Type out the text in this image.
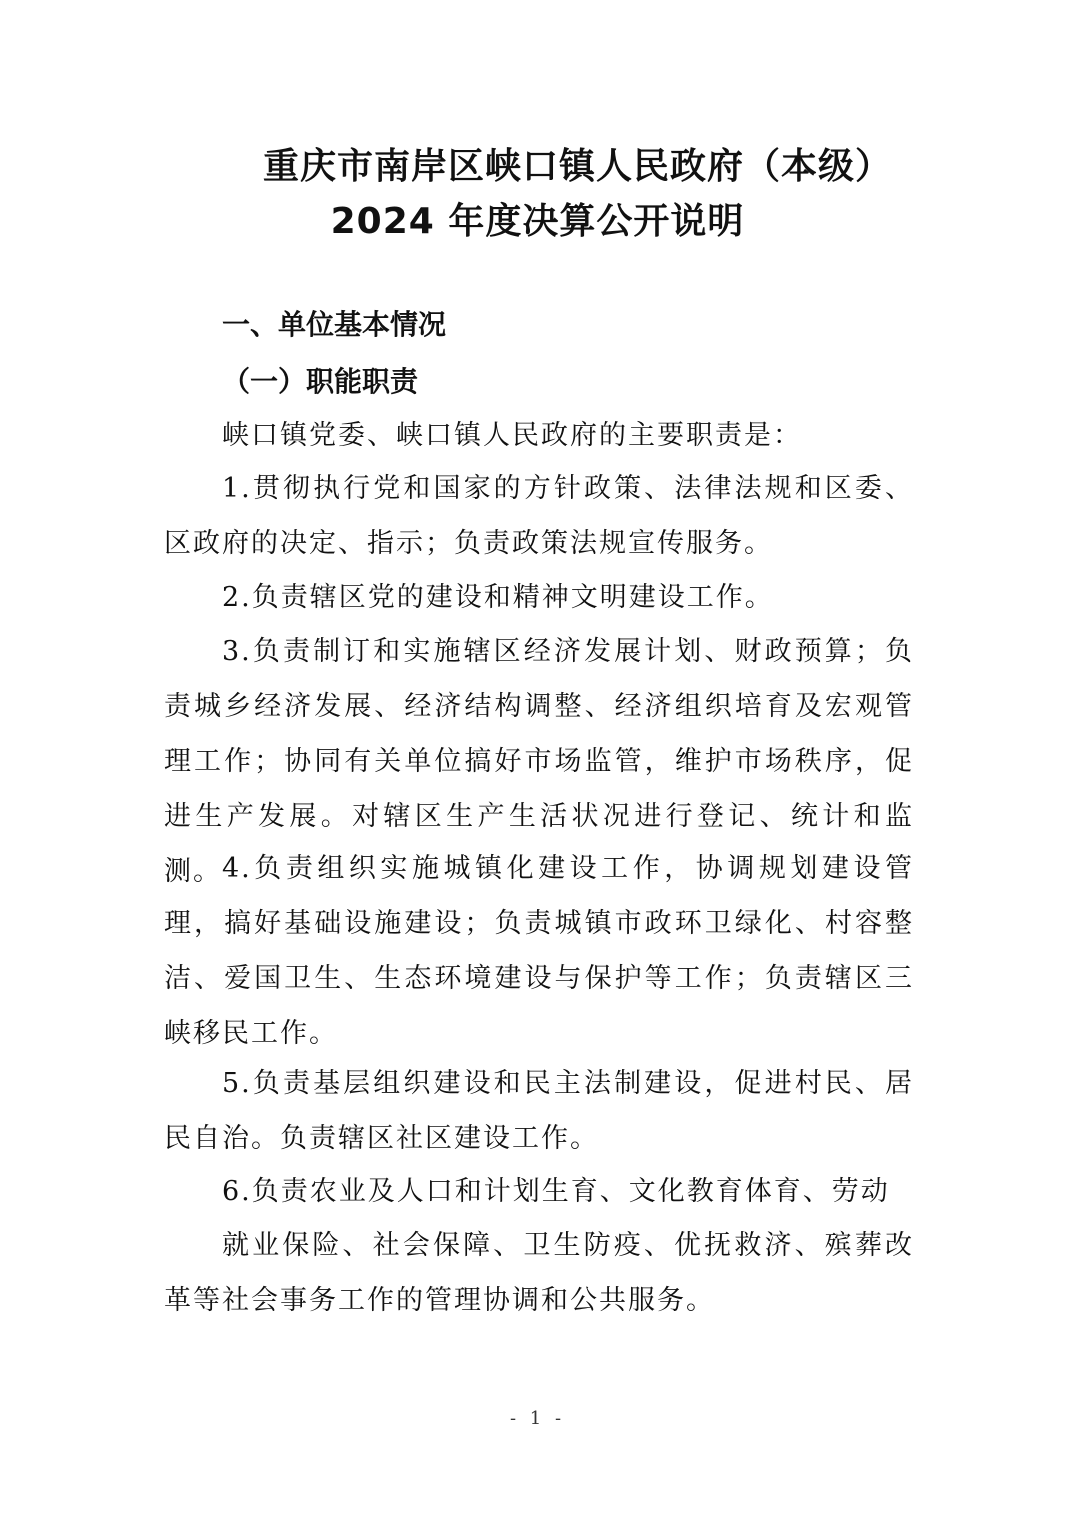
重庆市南岸区峡口镇人民政府（本级）
2024 年度决算公开说明
一、单位基本情况
（一）职能职责
峡口镇党委、峡口镇人民政府的主要职责是：
1.贯彻执行党和国家的方针政策、法律法规和区委、区政府的决定、指示；负责政策法规宣传服务。
2.负责辖区党的建设和精神文明建设工作。
3.负责制订和实施辖区经济发展计划、财政预算；负责城乡经济发展、经济结构调整、经济组织培育及宏观管理工作；协同有关单位搞好市场监管，维护市场秩序，促进生产发展。对辖区生产生活状况进行登记、统计和监测。 4.负责组织实施城镇化建设工作，协调规划建设管理，搞好基础设施建设；负责城镇市政环卫绿化、村容整洁、爱国卫生、生态环境建设与保护等工作；负责辖区三峡移民工作。
5.负责基层组织建设和民主法制建设，促进村民、居民自治。负责辖区社区建设工作。
6.负责农业及人口和计划生育、文化教育体育、劳动
就业保险、社会保障、卫生防疫、优抚救济、殡葬改革等社会事务工作的管理协调和公共服务。
- 1 -
